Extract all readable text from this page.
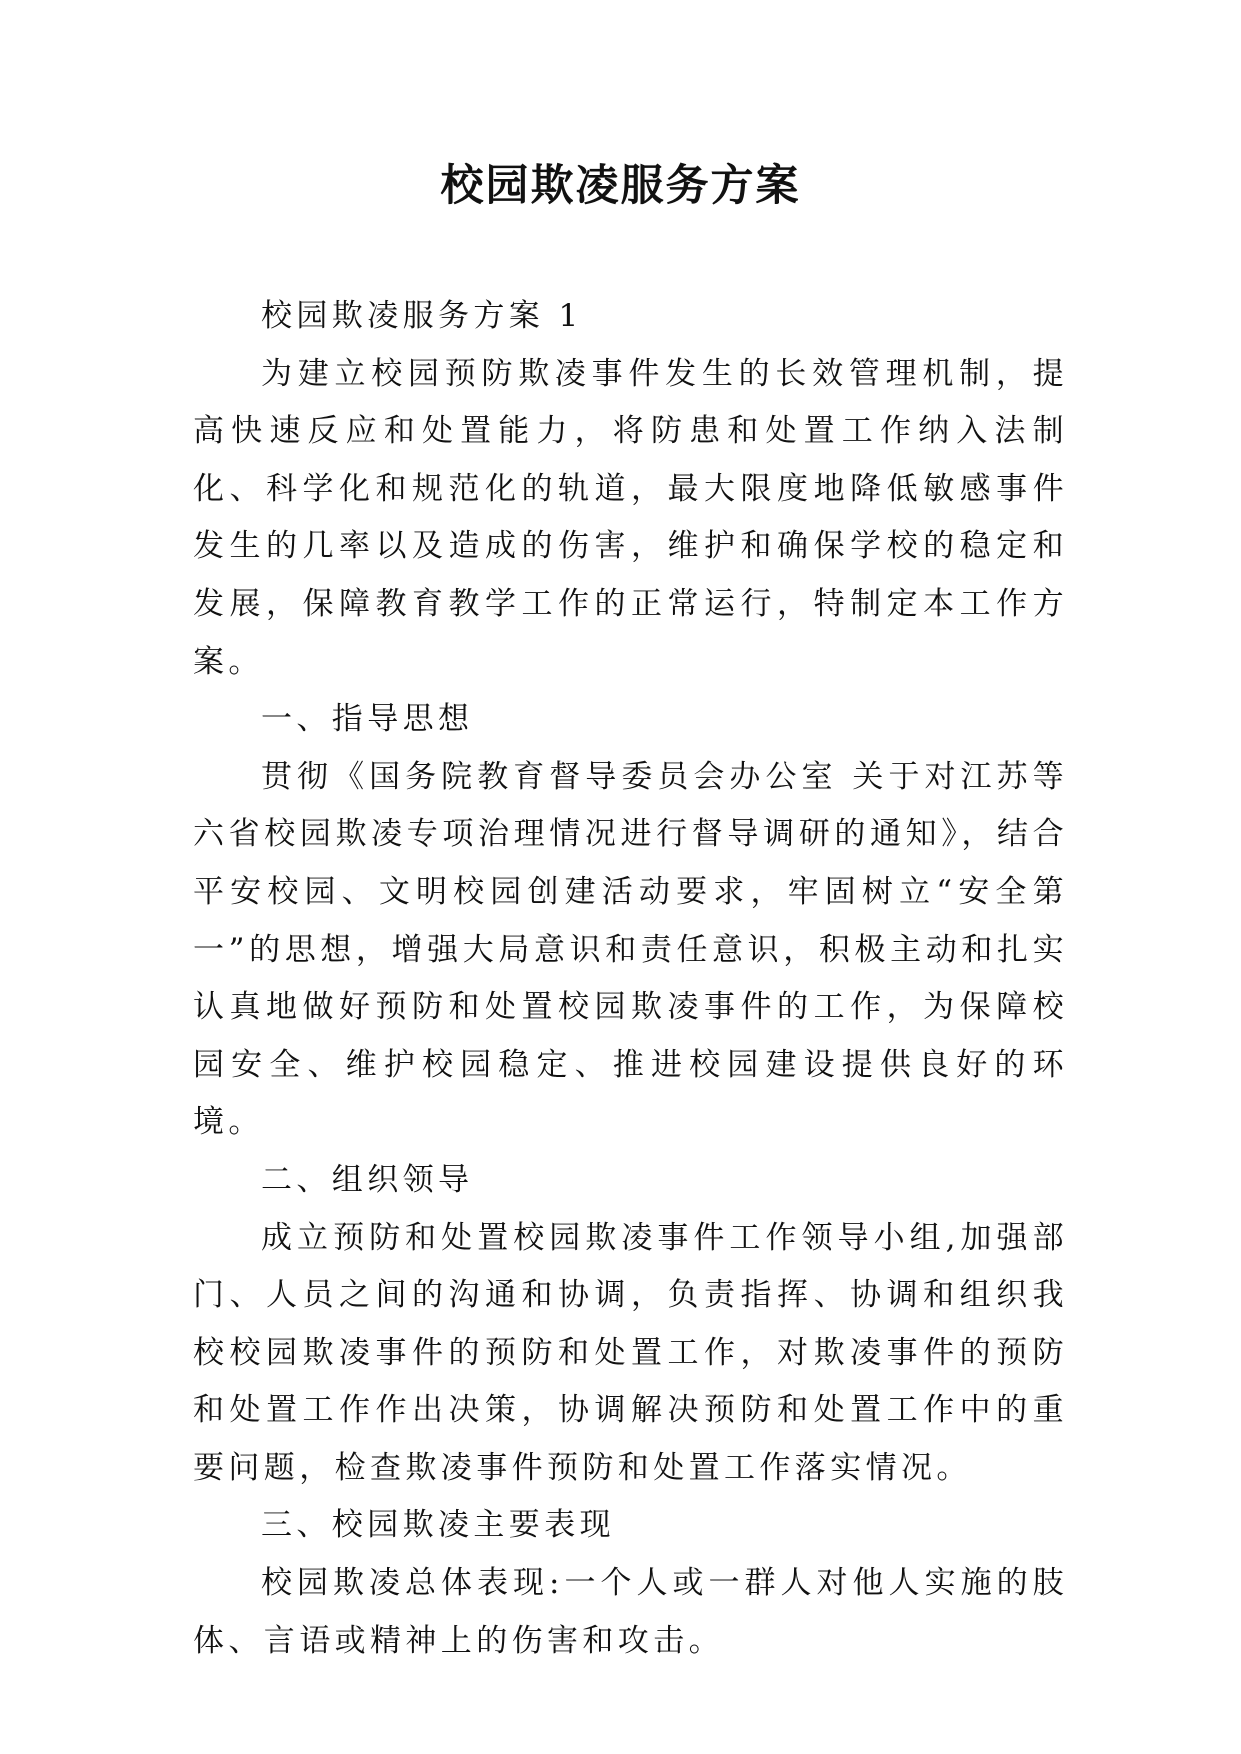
校园欺凌服务方案

校园欺凌服务方案 1

为建立校园预防欺凌事件发生的长效管理机制，提高快速反应和处置能力，将防患和处置工作纳入法制化、科学化和规范化的轨道，最大限度地降低敏感事件发生的几率以及造成的伤害，维护和确保学校的稳定和发展，保障教育教学工作的正常运行，特制定本工作方案。

一、指导思想

贯彻《国务院教育督导委员会办公室 关于对江苏等六省校园欺凌专项治理情况进行督导调研的通知》，结合平安校园、文明校园创建活动要求，牢固树立“安全第一”的思想，增强大局意识和责任意识，积极主动和扎实认真地做好预防和处置校园欺凌事件的工作，为保障校园安全、维护校园稳定、推进校园建设提供良好的环境。

二、组织领导

成立预防和处置校园欺凌事件工作领导小组,加强部门、人员之间的沟通和协调，负责指挥、协调和组织我校校园欺凌事件的预防和处置工作，对欺凌事件的预防和处置工作作出决策，协调解决预防和处置工作中的重要问题，检查欺凌事件预防和处置工作落实情况。

三、校园欺凌主要表现

校园欺凌总体表现:一个人或一群人对他人实施的肢体、言语或精神上的伤害和攻击。
